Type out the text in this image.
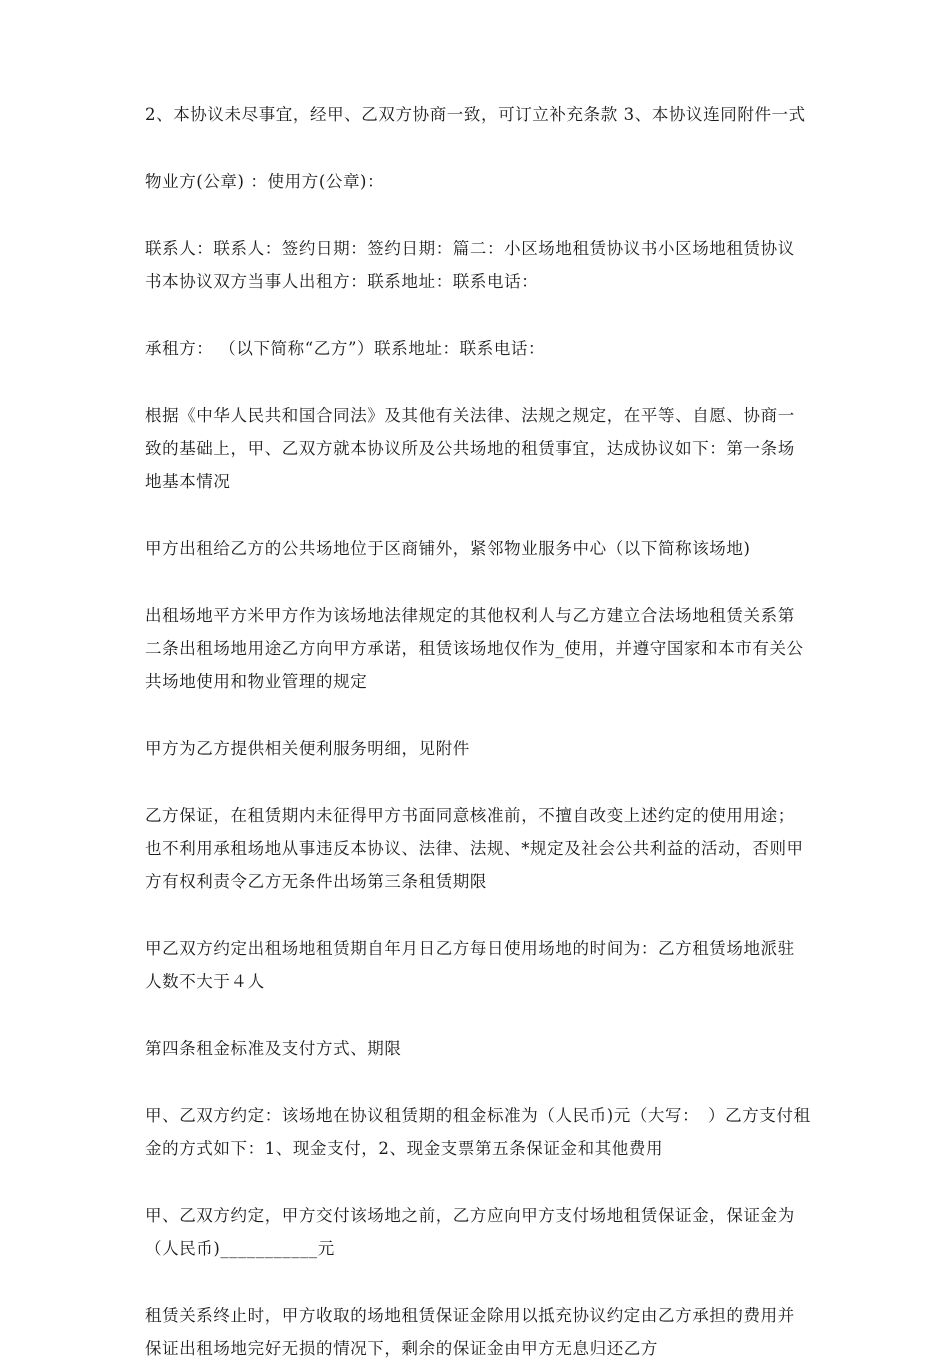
2、本协议未尽事宜，经甲、乙双方协商一致，可订立补充条款 3、本协议连同附件一式

物业方(公章) ：使用方(公章)：

联系人：联系人：签约日期：签约日期：篇二：小区场地租赁协议书小区场地租赁协议书本协议双方当事人出租方：联系地址：联系电话：

承租方： （以下简称“乙方”）联系地址：联系电话：

根据《中华人民共和国合同法》及其他有关法律、法规之规定，在平等、自愿、协商一致的基础上，甲、乙双方就本协议所及公共场地的租赁事宜，达成协议如下：第一条场地基本情况

甲方出租给乙方的公共场地位于区商铺外，紧邻物业服务中心（以下简称该场地)

出租场地平方米甲方作为该场地法律规定的其他权利人与乙方建立合法场地租赁关系第二条出租场地用途乙方向甲方承诺，租赁该场地仅作为_使用，并遵守国家和本市有关公共场地使用和物业管理的规定

甲方为乙方提供相关便利服务明细，见附件

乙方保证，在租赁期内未征得甲方书面同意核准前，不擅自改变上述约定的使用用途；也不利用承租场地从事违反本协议、法律、法规、*规定及社会公共利益的活动，否则甲方有权利责令乙方无条件出场第三条租赁期限

甲乙双方约定出租场地租赁期自年月日乙方每日使用场地的时间为：乙方租赁场地派驻人数不大于４人

第四条租金标准及支付方式、期限

甲、乙双方约定：该场地在协议租赁期的租金标准为（人民币)元（大写：　）乙方支付租金的方式如下：1、现金支付，2、现金支票第五条保证金和其他费用

甲、乙双方约定，甲方交付该场地之前，乙方应向甲方支付场地租赁保证金，保证金为（人民币)___________元

租赁关系终止时，甲方收取的场地租赁保证金除用以抵充协议约定由乙方承担的费用并保证出租场地完好无损的情况下，剩余的保证金由甲方无息归还乙方
